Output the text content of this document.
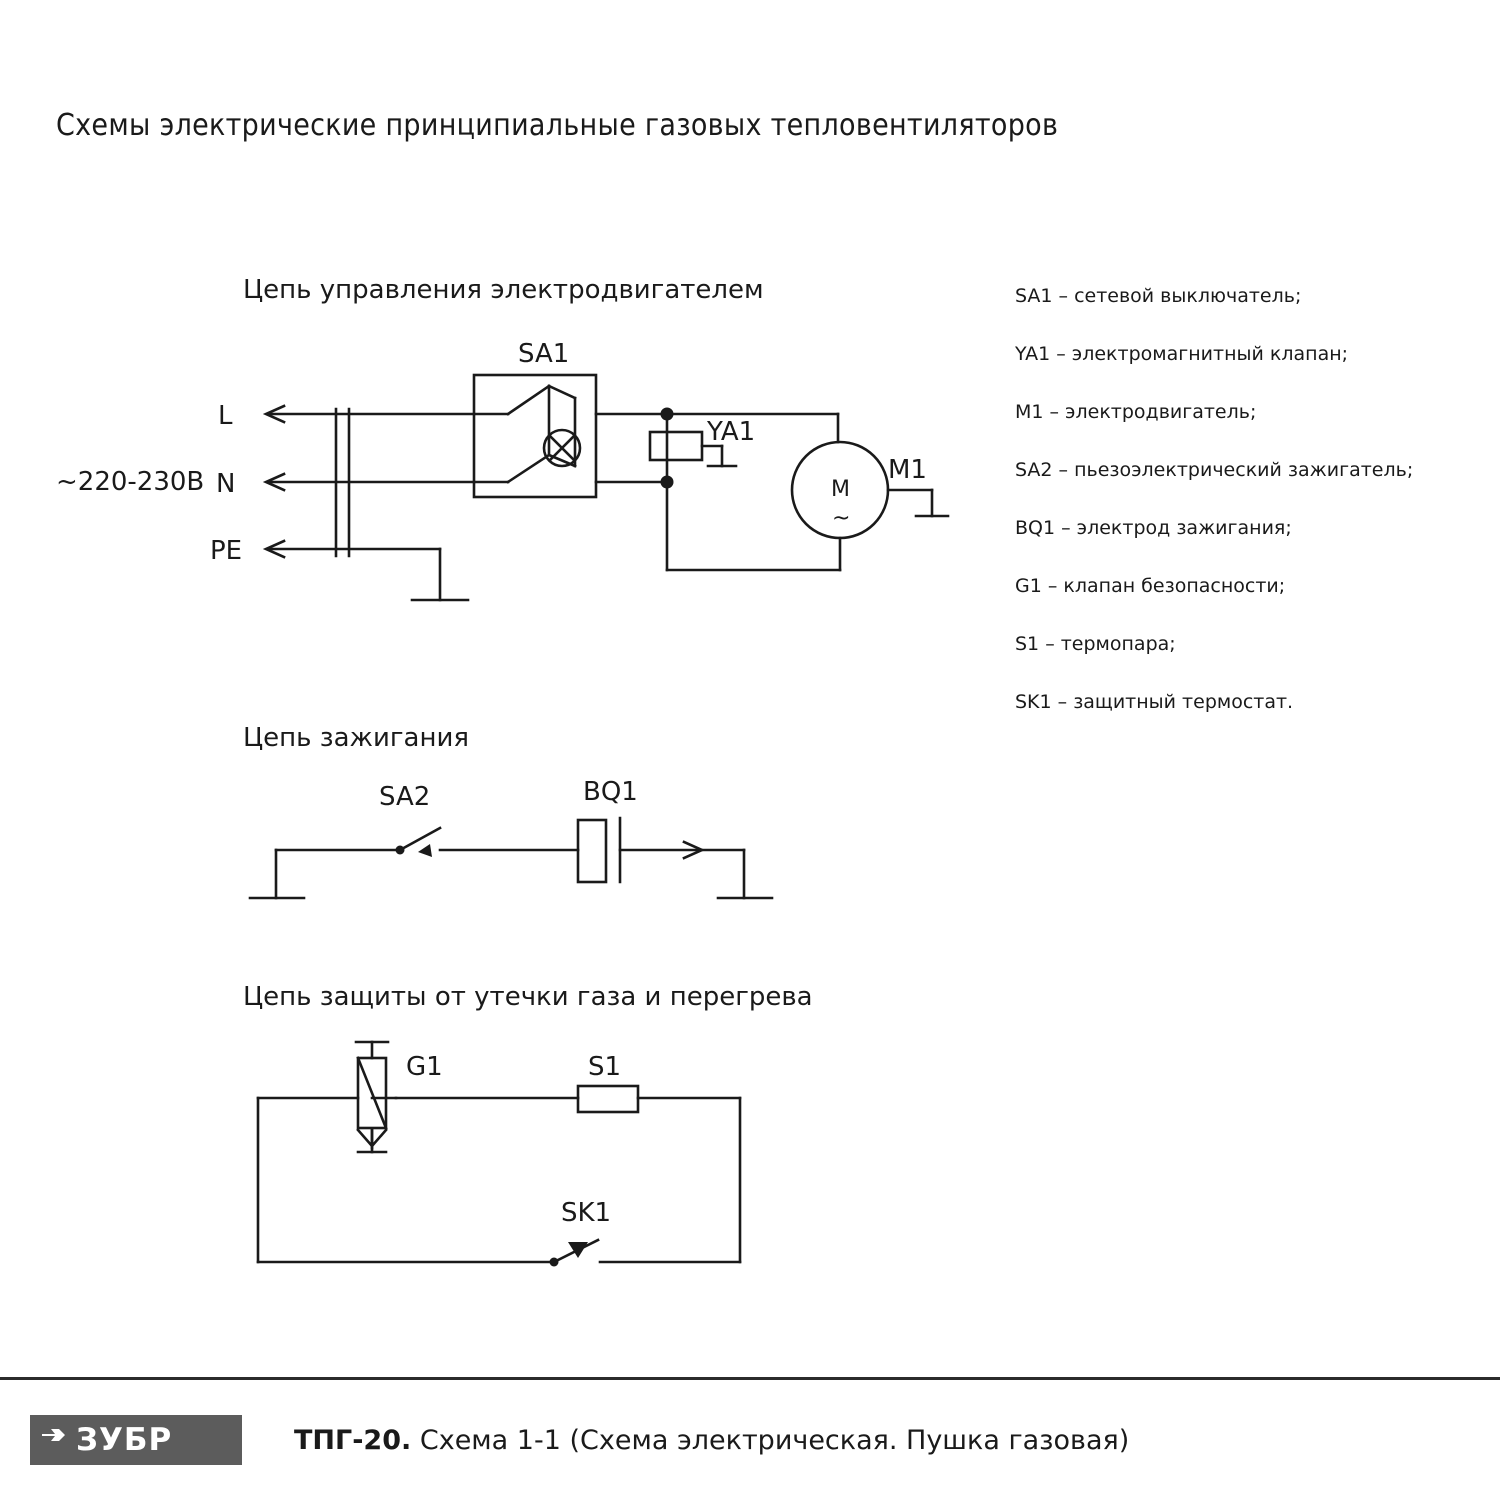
Схемы электрические принципиальные газовых тепловентиляторов
Цепь управления электродвигателем
Цепь зажигания
Цепь защиты от утечки газа и перегрева
L
N
PE
~220-230В
SA1
YA1
M1
M
~
SA2	BQ1
G1	S1
SK1
SA1 – сетевой выключатель;
YA1 – электромагнитный клапан;
M1 – электродвигатель;
SA2 – пьезоэлектрический зажигатель;
BQ1 – электрод зажигания;
G1 – клапан безопасности;
S1 – термопара;
SK1 – защитный термостат.
ЗУБР	ТПГ-20. Схема 1-1 (Схема электрическая. Пушка газовая)
